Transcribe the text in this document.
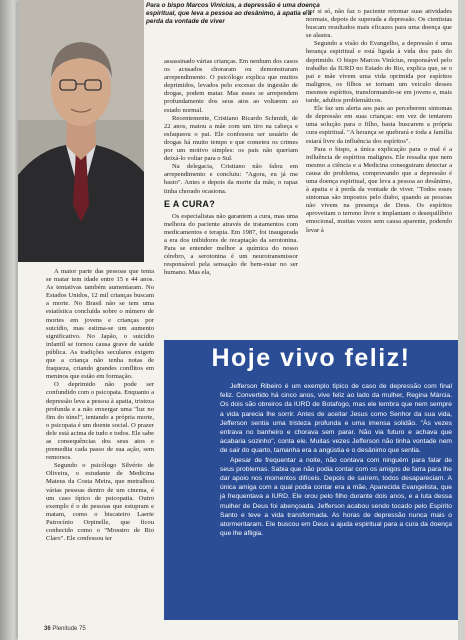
Para o bispo Marcos Vinícius, a depressão é uma doença espiritual, que leva a pessoa ao desânimo, à apatia e à perda da vontade de viver

A maior parte das pessoas que tenta se matar tem idade entre 15 e 44 anos. As tentativas também aumentaram. No Estados Unidos, 12 mil crianças buscam a morte. No Brasil não se tem uma estatística concluída sobre o número de mortes em jovens e crianças por suicídio, mas estima-se um aumento significativo. No Japão, o suicídio infantil se tornou causa grave de saúde pública. As tradições seculares exigem que a criança não tenha notas de fraqueza, criando grandes conflitos em meninos que estão em formação.

O deprimido não pode ser confundido com o psicopata. Enquanto a depressão leva a pessoa à apatia, tristeza profunda e a não enxergar uma "luz no fim do túnel", tentando a própria morte, o psicopata é um doente social. O prazer dele está acima de tudo e todos. Ele sabe as consequências dos seus atos e premedita cada passo de sua ação, sem remorsos.

Segundo o psicólogo Silvério de Oliveira, o estudante de Medicina Mateus da Costa Meira, que metralhou várias pessoas dentro de um cinema, é um caso típico de psicopatia. Outro exemplo é o de pessoas que estupram e matam, como o biscateiro Laerte Patrocínio Orpinelle, que ficou conhecido como o "Monstro de Rio Claro". Ele confessou ter

assassinado várias crianças. Em nenhum dos casos os acusados choraram ou demonstraram arrependimento. O psicólogo explica que muitos deprimidos, levados pelo excesso de ingestão de drogas, podem matar. Mas esses se arrependem profundamente dos seus atos ao voltarem ao estado normal.

Recentemente, Cristiano Ricardo Schmidt, de 22 anos, matou a mãe com um tiro na cabeça e esfaqueou o pai. Ele confessou ser usuário de drogas há muito tempo e que cometeu os crimes por um motivo simples: os pais não queriam deixá-lo voltar para o Sul.

Na delegacia, Cristiano não falou em arrependimento e concluiu: "Agora, eu já me basto". Antes e depois da morte da mãe, o rapaz tinha chorado ocasiona.

E A CURA?

Os especialistas não garantem a cura, mas uma melhora do paciente através de tratamentos com medicamentos e terapia. Em 1987, foi inaugurada a era dos inibidores de recaptação da serotonina. Para se entender melhor a química do nosso cérebro, a serotonina é um neurotransmissor responsável pela sensação de bem-estar no ser humano. Mas ela,

por si só, não faz o paciente retomar suas atividades normais, depois de superada a depressão. Os cientistas buscam resultados mais eficazes para uma doença que se alastra.

Segundo a visão do Evangelho, a depressão é uma herança espiritual e está ligada à vida dos pais do deprimido. O bispo Marcos Vinícius, responsável pelo trabalho da IURD no Estado do Rio, explica que, se o pai e mãe vivem uma vida oprimida por espíritos malignos, os filhos se tornam um veículo desses mesmos espíritos, transformando-se em jovens e, mais tarde, adultos problemáticos.

Ele faz um alerta aos pais ao perceberem sintomas de depressão em suas crianças: em vez de tentarem uma solução para o filho, basta buscarem a própria cura espiritual. "A herança se quebrará e toda a família estará livre da influência dos espíritos".

Para o bispo, a única explicação para o mal é a influência de espíritos malignos. Ele ressalta que nem mesmo a ciência e a Medicina conseguiram detectar a causa do problema, comprovando que a depressão é uma doença espiritual, que leva a pessoa ao desânimo, à apatia e à perda da vontade de viver. "Todos esses sintomas são impostos pelo diabo, quando as pessoas não vivem na presença de Deus. Os espíritos aproveitam o terreno livre e implantam o desequilíbrio emocional, muitas vezes sem causa aparente, podendo levar à

Hoje vivo feliz!

Jefferson Ribeiro é um exemplo típico de caso de depressão com final feliz. Convertido há cinco anos, vive feliz ao lado da mulher, Regina Márcia. Os dois são obreiros da IURD de Botafogo, mas ele lembra que nem sempre a vida parecia lhe sorrir. Antes de aceitar Jesus como Senhor da sua vida, Jefferson sentia uma tristeza profunda e uma imensa solidão. "Às vezes entrava no banheiro e chorava sem parar. Não via futuro e achava que acabaria sozinho", conta ele. Muitas vezes Jefferson não tinha vontade nem de sair do quarto, tamanha era a angústia e o desânimo que sentia.

Apesar de frequentar a noite, não contava com ninguém para falar de seus problemas. Sabia que não podia contar com os amigos de farra para lhe dar apoio nos momentos difíceis. Depois de saírem, todos desapareciam. A única amiga com a qual podia contar era a mãe, Aparecida Evangelista, que já frequentava a IURD. Ele orou pelo filho durante dois anos, e a luta dessa mulher de Deus foi abençoada. Jefferson acabou sendo tocado pelo Espírito Santo e teve a vida transformada. As horas de depressão nunca mais o atormentaram. Ele buscou em Deus a ajuda espiritual para a cura da doença que lhe afligia.

36 Plenitude 75
